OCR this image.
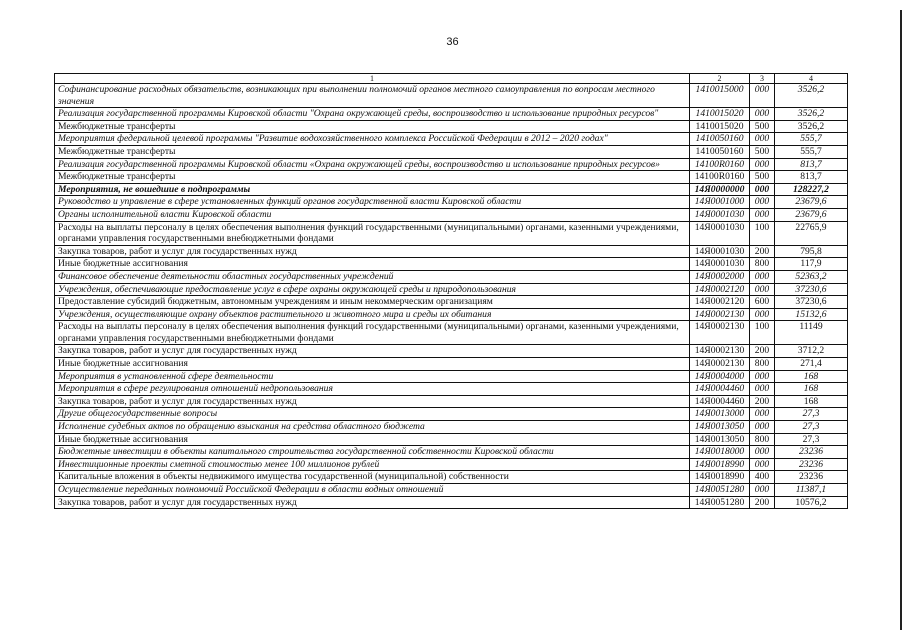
36
1	2	3	4
Софинансирование расходных обязательств, возникающих при выполнении полномочий органов местного самоуправления по вопросам местного значения	1410015000	000	3526,2
Реализация государственной программы Кировской области "Охрана окружающей среды, воспроизводство и использование природных ресурсов"	1410015020	000	3526,2
Межбюджетные трансферты	1410015020	500	3526,2
Мероприятия федеральной целевой программы "Развитие водохозяйственного комплекса Российской Федерации в 2012 – 2020 годах"	1410050160	000	555,7
Межбюджетные трансферты	1410050160	500	555,7
Реализация государственной программы Кировской области «Охрана окружающей среды, воспроизводство и использование природных ресурсов»	14100R0160	000	813,7
Межбюджетные трансферты	14100R0160	500	813,7
Мероприятия, не вошедшие в подпрограммы	14Я0000000	000	128227,2
Руководство и управление в сфере установленных функций органов государственной власти Кировской области	14Я0001000	000	23679,6
Органы исполнительной власти Кировской области	14Я0001030	000	23679,6
Расходы на выплаты персоналу в целях обеспечения выполнения функций государственными (муниципальными) органами, казенными учреждениями, органами управления государственными внебюджетными фондами	14Я0001030	100	22765,9
Закупка товаров, работ и услуг для государственных нужд	14Я0001030	200	795,8
Иные бюджетные ассигнования	14Я0001030	800	117,9
Финансовое обеспечение деятельности областных государственных учреждений	14Я0002000	000	52363,2
Учреждения, обеспечивающие предоставление услуг в сфере охраны окружающей среды и природопользования	14Я0002120	000	37230,6
Предоставление субсидий бюджетным, автономным учреждениям и иным некоммерческим организациям	14Я0002120	600	37230,6
Учреждения, осуществляющие охрану объектов растительного и животного мира и среды их обитания	14Я0002130	000	15132,6
Расходы на выплаты персоналу в целях обеспечения выполнения функций государственными (муниципальными) органами, казенными учреждениями, органами управления государственными внебюджетными фондами	14Я0002130	100	11149
Закупка товаров, работ и услуг для государственных нужд	14Я0002130	200	3712,2
Иные бюджетные ассигнования	14Я0002130	800	271,4
Мероприятия в установленной сфере деятельности	14Я0004000	000	168
Мероприятия в сфере регулирования отношений недропользования	14Я0004460	000	168
Закупка товаров, работ и услуг для государственных нужд	14Я0004460	200	168
Другие общегосударственные вопросы	14Я0013000	000	27,3
Исполнение судебных актов по обращению взыскания на средства областного бюджета	14Я0013050	000	27,3
Иные бюджетные ассигнования	14Я0013050	800	27,3
Бюджетные инвестиции в объекты капитального строительства государственной собственности Кировской области	14Я0018000	000	23236
Инвестиционные проекты сметной стоимостью менее 100 миллионов рублей	14Я0018990	000	23236
Капитальные вложения в объекты недвижимого имущества государственной (муниципальной) собственности	14Я0018990	400	23236
Осуществление переданных полномочий Российской Федерации в области водных отношений	14Я0051280	000	11387,1
Закупка товаров, работ и услуг для государственных нужд	14Я0051280	200	10576,2
